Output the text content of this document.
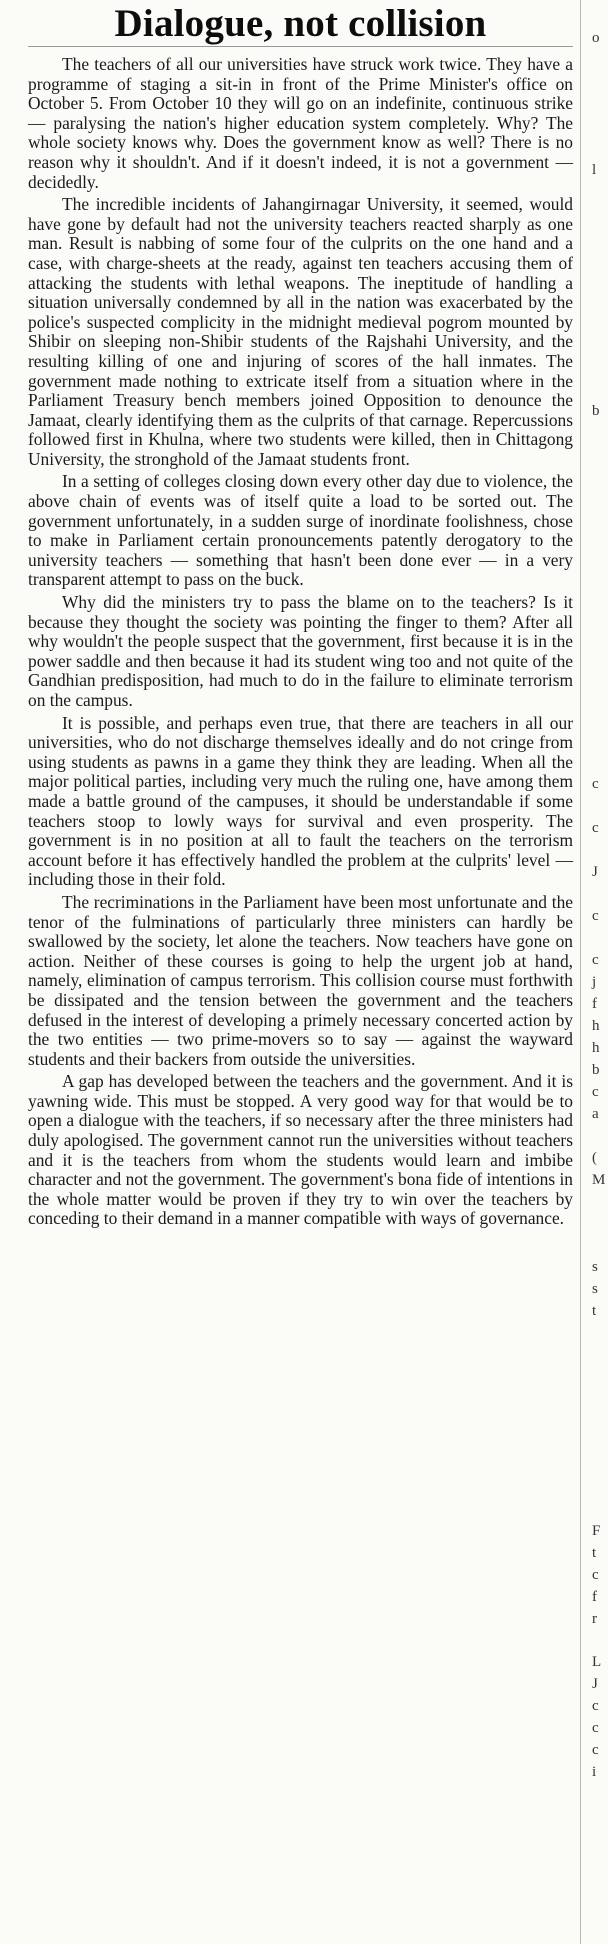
Dialogue, not collision

The teachers of all our universities have struck work twice. They have a programme of staging a sit-in in front of the Prime Minister's office on October 5. From October 10 they will go on an indefinite, continuous strike — paralysing the nation's higher education system completely. Why? The whole society knows why. Does the government know as well? There is no reason why it shouldn't. And if it doesn't indeed, it is not a government — decidedly.

The incredible incidents of Jahangirnagar University, it seemed, would have gone by default had not the university teachers reacted sharply as one man. Result is nabbing of some four of the culprits on the one hand and a case, with charge-sheets at the ready, against ten teachers accusing them of attacking the students with lethal weapons. The ineptitude of handling a situation universally condemned by all in the nation was exacerbated by the police's suspected complicity in the midnight medieval pogrom mounted by Shibir on sleeping non-Shibir students of the Rajshahi University, and the resulting killing of one and injuring of scores of the hall inmates. The government made nothing to extricate itself from a situation where in the Parliament Treasury bench members joined Opposition to denounce the Jamaat, clearly identifying them as the culprits of that carnage. Repercussions followed first in Khulna, where two students were killed, then in Chittagong University, the stronghold of the Jamaat students front.

In a setting of colleges closing down every other day due to violence, the above chain of events was of itself quite a load to be sorted out. The government unfortunately, in a sudden surge of inordinate foolishness, chose to make in Parliament certain pronouncements patently derogatory to the university teachers — something that hasn't been done ever — in a very transparent attempt to pass on the buck.

Why did the ministers try to pass the blame on to the teachers? Is it because they thought the society was pointing the finger to them? After all why wouldn't the people suspect that the government, first because it is in the power saddle and then because it had its student wing too and not quite of the Gandhian predisposition, had much to do in the failure to eliminate terrorism on the campus.

It is possible, and perhaps even true, that there are teachers in all our universities, who do not discharge themselves ideally and do not cringe from using students as pawns in a game they think they are leading. When all the major political parties, including very much the ruling one, have among them made a battle ground of the campuses, it should be understandable if some teachers stoop to lowly ways for survival and even prosperity. The government is in no position at all to fault the teachers on the terrorism account before it has effectively handled the problem at the culprits' level — including those in their fold.

The recriminations in the Parliament have been most unfortunate and the tenor of the fulminations of particularly three ministers can hardly be swallowed by the society, let alone the teachers. Now teachers have gone on action. Neither of these courses is going to help the urgent job at hand, namely, elimination of campus terrorism. This collision course must forthwith be dissipated and the tension between the government and the teachers defused in the interest of developing a primely necessary concerted action by the two entities — two prime-movers so to say — against the wayward students and their backers from outside the universities.

A gap has developed between the teachers and the government. And it is yawning wide. This must be stopped. A very good way for that would be to open a dialogue with the teachers, if so necessary after the three ministers had duly apologised. The government cannot run the universities without teachers and it is the teachers from whom the students would learn and imbibe character and not the government. The government's bona fide of intentions in the whole matter would be proven if they try to win over the teachers by conceding to their demand in a manner compatible with ways of governance.

o
l
b
c
c
J
c
c
j
f
h
h
b
c
a
(
M
s
s
t
F
t
c
f
r
L
J
c
c
c
i
